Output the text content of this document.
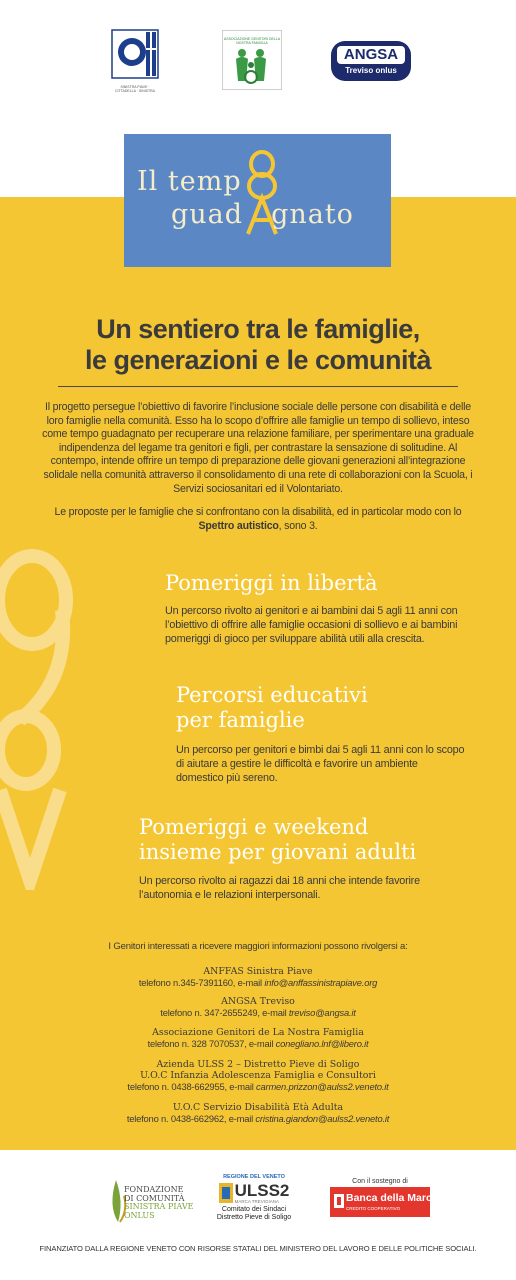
SINISTRA PIAVE · CITTADELLA · SINISTRA
ASSOCIAZIONE GENITORI DELLA NOSTRA FAMIGLIA
ANGSA
Treviso onlus
Il temp
guad gnato
Un sentiero tra le famiglie,
le generazioni e le comunità
Il progetto persegue l’obiettivo di favorire l’inclusione sociale delle persone con disabilità e delle loro famiglie nella comunità. Esso ha lo scopo d’offrire alle famiglie un tempo di sollievo, inteso come tempo guadagnato per recuperare una relazione familiare, per sperimentare una graduale indipendenza del legame tra genitori e figli, per contrastare la sensazione di solitudine. Al contempo, intende offrire un tempo di preparazione delle giovani generazioni all’integrazione solidale nella comunità attraverso il consolidamento di una rete di collaborazioni con la Scuola, i Servizi sociosanitari ed il Volontariato.
Le proposte per le famiglie che si confrontano con la disabilità, ed in particolar modo con lo Spettro autistico, sono 3.
Pomeriggi in libertà
Un percorso rivolto ai genitori e ai bambini dai 5 agli 11 anni con l’obiettivo di offrire alle famiglie occasioni di sollievo e ai bambini pomeriggi di gioco per sviluppare abilità utili alla crescita.
Percorsi educativi
per famiglie
Un percorso per genitori e bimbi dai 5 agli 11 anni con lo scopo di aiutare a gestire le difficoltà e favorire un ambiente domestico più sereno.
Pomeriggi e weekend
insieme per giovani adulti
Un percorso rivolto ai ragazzi dai 18 anni che intende favorire l’autonomia e le relazioni interpersonali.
I Genitori interessati a ricevere maggiori informazioni possono rivolgersi a:
ANFFAS Sinistra Piave
telefono n.345-7391160, e-mail info@anffassinistrapiave.org
ANGSA Treviso
telefono n. 347-2655249, e-mail treviso@angsa.it
Associazione Genitori de La Nostra Famiglia
telefono n. 328 7070537, e-mail conegliano.lnf@libero.it
Azienda ULSS 2 – Distretto Pieve di Soligo
U.O.C Infanzia Adolescenza Famiglia e Consultori
telefono n. 0438-662955, e-mail carmen.prizzon@aulss2.veneto.it
U.O.C Servizio Disabilità Età Adulta
telefono n. 0438-662962, e-mail cristina.giandon@aulss2.veneto.it
FONDAZIONE
DI COMUNITÀ
SINISTRA PIAVE
ONLUS
REGIONE DEL VENETO
ULSS2
MARCA TREVIGIANA
Comitato dei Sindaci
Distretto Pieve di Soligo
Con il sostegno di
Banca della Marca
CREDITO COOPERATIVO
FINANZIATO DALLA REGIONE VENETO CON RISORSE STATALI DEL MINISTERO DEL LAVORO E DELLE POLITICHE SOCIALI.
